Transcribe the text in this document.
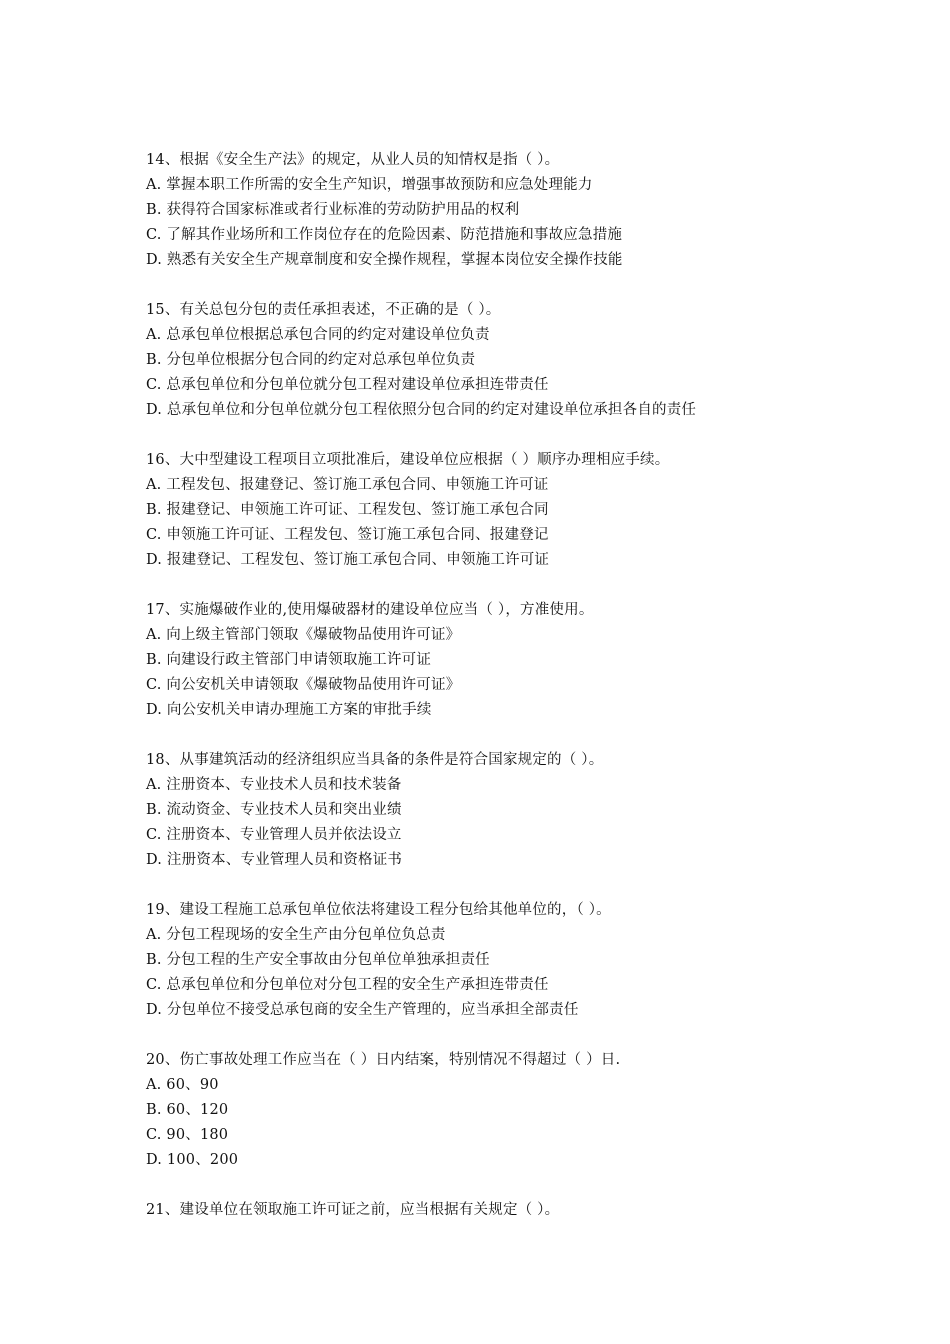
14、根据《安全生产法》的规定，从业人员的知情权是指（ ）。
A. 掌握本职工作所需的安全生产知识，增强事故预防和应急处理能力
B. 获得符合国家标准或者行业标准的劳动防护用品的权利
C. 了解其作业场所和工作岗位存在的危险因素、防范措施和事故应急措施
D. 熟悉有关安全生产规章制度和安全操作规程，掌握本岗位安全操作技能
15、有关总包分包的责任承担表述，不正确的是（ ）。
A. 总承包单位根据总承包合同的约定对建设单位负责
B. 分包单位根据分包合同的约定对总承包单位负责
C. 总承包单位和分包单位就分包工程对建设单位承担连带责任
D. 总承包单位和分包单位就分包工程依照分包合同的约定对建设单位承担各自的责任
16、大中型建设工程项目立项批准后，建设单位应根据（ ）顺序办理相应手续。
A. 工程发包、报建登记、签订施工承包合同、申领施工许可证
B. 报建登记、申领施工许可证、工程发包、签订施工承包合同
C. 申领施工许可证、工程发包、签订施工承包合同、报建登记
D. 报建登记、工程发包、签订施工承包合同、申领施工许可证
17、实施爆破作业的,使用爆破器材的建设单位应当（ ），方准使用。
A. 向上级主管部门领取《爆破物品使用许可证》
B. 向建设行政主管部门申请领取施工许可证
C. 向公安机关申请领取《爆破物品使用许可证》
D. 向公安机关申请办理施工方案的审批手续
18、从事建筑活动的经济组织应当具备的条件是符合国家规定的（ ）。
A. 注册资本、专业技术人员和技术装备
B. 流动资金、专业技术人员和突出业绩
C. 注册资本、专业管理人员并依法设立
D. 注册资本、专业管理人员和资格证书
19、建设工程施工总承包单位依法将建设工程分包给其他单位的，（ ）。
A. 分包工程现场的安全生产由分包单位负总责
B. 分包工程的生产安全事故由分包单位单独承担责任
C. 总承包单位和分包单位对分包工程的安全生产承担连带责任
D. 分包单位不接受总承包商的安全生产管理的，应当承担全部责任
20、伤亡事故处理工作应当在（ ）日内结案，特别情况不得超过（ ）日.
A. 60、90
B. 60、120
C. 90、180
D. 100、200
21、建设单位在领取施工许可证之前，应当根据有关规定（ ）。
